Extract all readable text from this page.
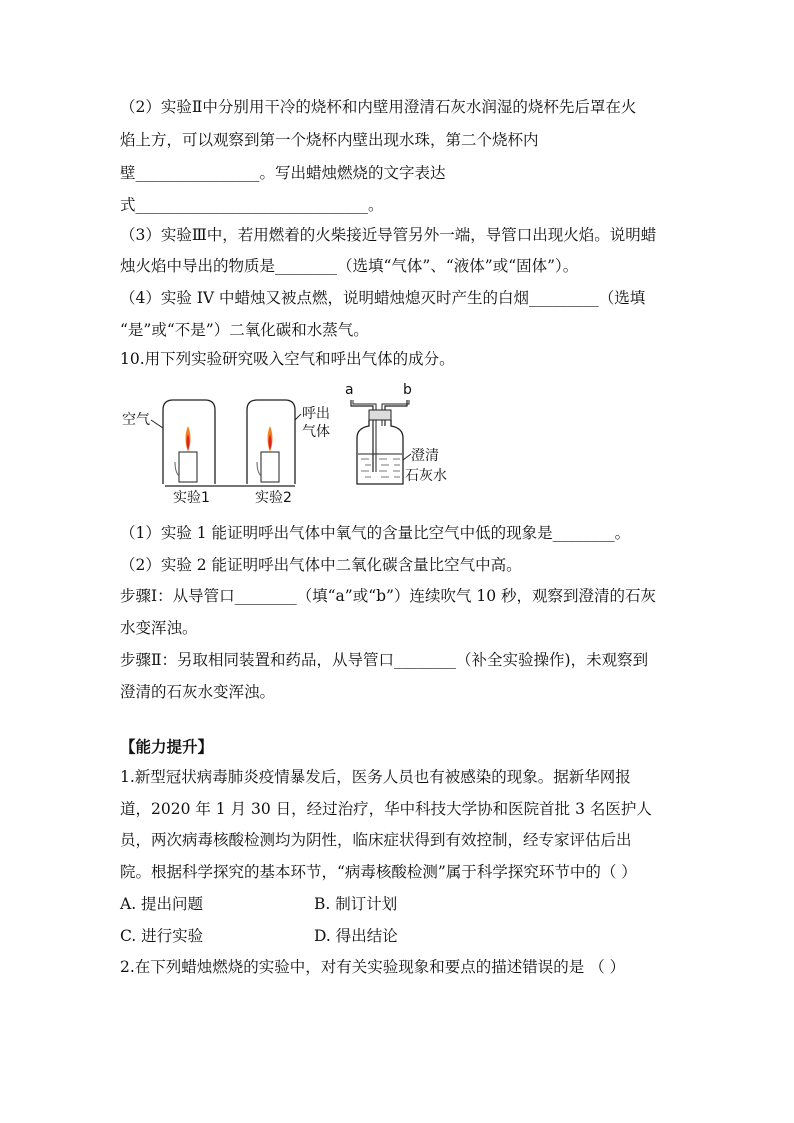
（2）实验Ⅱ中分别用干冷的烧杯和内壁用澄清石灰水润湿的烧杯先后罩在火
焰上方，可以观察到第一个烧杯内壁出现水珠，第二个烧杯内
壁________________。写出蜡烛燃烧的文字表达
式______________________________。
（3）实验Ⅲ中，若用燃着的火柴接近导管另外一端，导管口出现火焰。说明蜡
烛火焰中导出的物质是________（选填“气体”、“液体”或“固体”）。
（4）实验 IV 中蜡烛又被点燃，说明蜡烛熄灭时产生的白烟_________（选填
“是”或“不是”）二氧化碳和水蒸气。
10.用下列实验研究吸入空气和呼出气体的成分。
空气
实验1
呼出
气体
实验2
a	b
澄清
石灰水
（1）实验 1 能证明呼出气体中氧气的含量比空气中低的现象是________。
（2）实验 2 能证明呼出气体中二氧化碳含量比空气中高。
步骤Ⅰ：从导管口________（填“a”或“b”）连续吹气 10 秒，观察到澄清的石灰
水变浑浊。
步骤Ⅱ：另取相同装置和药品，从导管口________（补全实验操作)，未观察到
澄清的石灰水变浑浊。
【能力提升】
1.新型冠状病毒肺炎疫情暴发后，医务人员也有被感染的现象。据新华网报
道，2020 年 1 月 30 日，经过治疗，华中科技大学协和医院首批 3 名医护人
员，两次病毒核酸检测均为阴性，临床症状得到有效控制，经专家评估后出
院。根据科学探究的基本环节，“病毒核酸检测”属于科学探究环节中的（ ）
A. 提出问题	B. 制订计划
C. 进行实验	D. 得出结论
2.在下列蜡烛燃烧的实验中，对有关实验现象和要点的描述错误的是 （ ）
